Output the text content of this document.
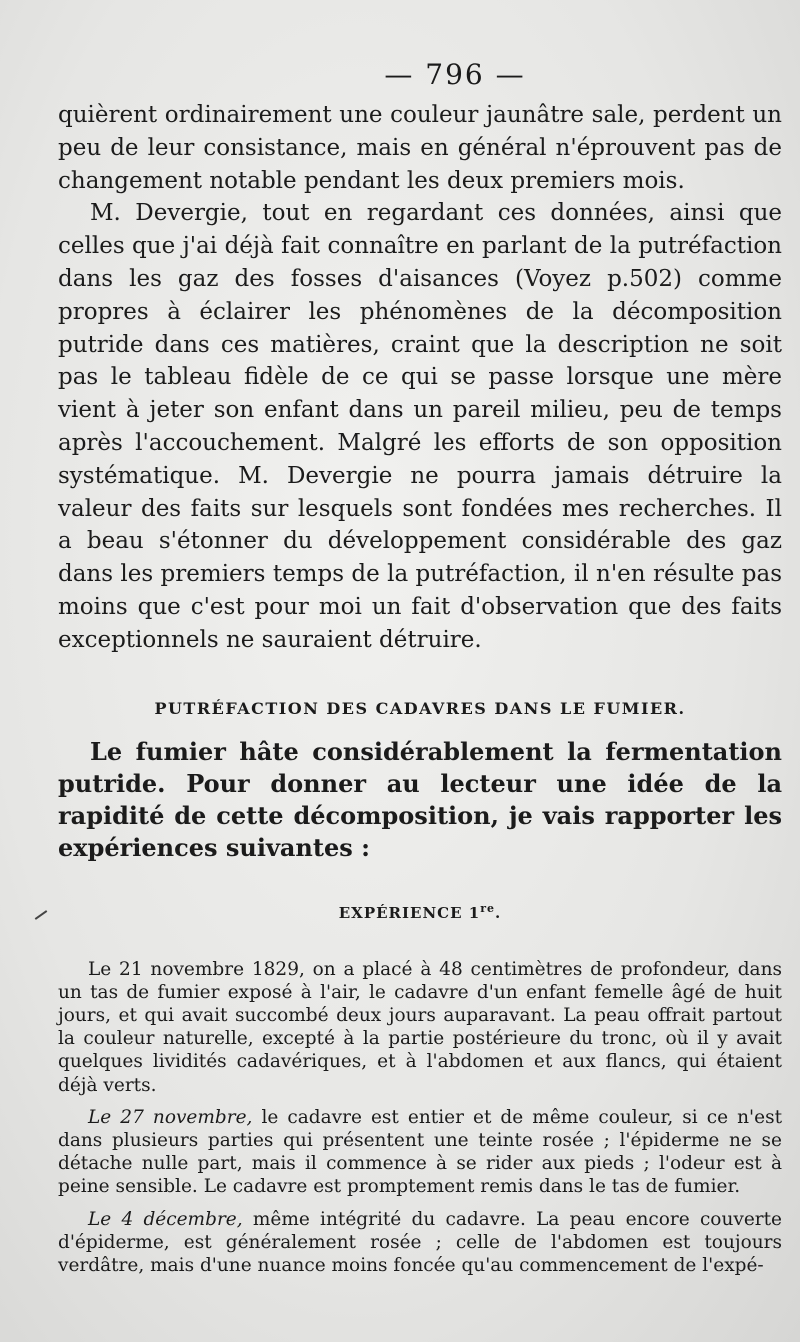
— 796 —

quièrent ordinairement une couleur jaunâtre sale, perdent un peu de leur consistance, mais en général n'éprouvent pas de changement notable pendant les deux premiers mois.

M. Devergie, tout en regardant ces données, ainsi que celles que j'ai déjà fait connaître en parlant de la putréfaction dans les gaz des fosses d'aisances (Voyez p.502) comme propres à éclairer les phénomènes de la décomposition putride dans ces matières, craint que la description ne soit pas le tableau fidèle de ce qui se passe lorsque une mère vient à jeter son enfant dans un pareil milieu, peu de temps après l'accouchement. Malgré les efforts de son opposition systématique. M. Devergie ne pourra jamais détruire la valeur des faits sur lesquels sont fondées mes recherches. Il a beau s'étonner du développement considérable des gaz dans les premiers temps de la putréfaction, il n'en résulte pas moins que c'est pour moi un fait d'observation que des faits exceptionnels ne sauraient détruire.

PUTRÉFACTION DES CADAVRES DANS LE FUMIER.

Le fumier hâte considérablement la fermentation putride. Pour donner au lecteur une idée de la rapidité de cette décomposition, je vais rapporter les expériences suivantes :

EXPÉRIENCE 1re.

Le 21 novembre 1829, on a placé à 48 centimètres de profondeur, dans un tas de fumier exposé à l'air, le cadavre d'un enfant femelle âgé de huit jours, et qui avait succombé deux jours auparavant. La peau offrait partout la couleur naturelle, excepté à la partie postérieure du tronc, où il y avait quelques lividités cadavériques, et à l'abdomen et aux flancs, qui étaient déjà verts.

Le 27 novembre, le cadavre est entier et de même couleur, si ce n'est dans plusieurs parties qui présentent une teinte rosée ; l'épiderme ne se détache nulle part, mais il commence à se rider aux pieds ; l'odeur est à peine sensible. Le cadavre est promptement remis dans le tas de fumier.

Le 4 décembre, même intégrité du cadavre. La peau encore couverte d'épiderme, est généralement rosée ; celle de l'abdomen est toujours verdâtre, mais d'une nuance moins foncée qu'au commencement de l'expé-
